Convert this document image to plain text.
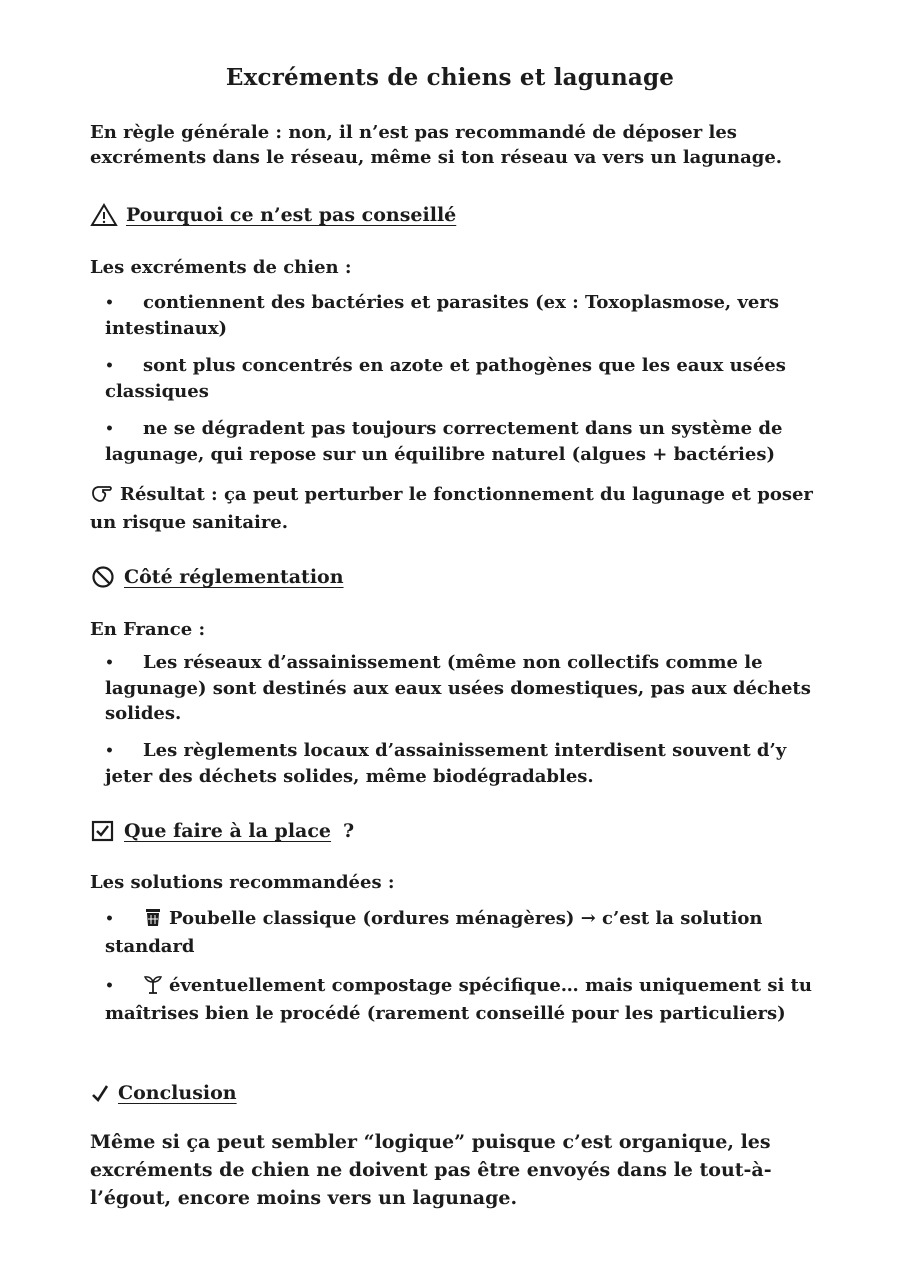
Excréments de chiens et lagunage
En règle générale : non, il n’est pas recommandé de déposer les excréments dans le réseau, même si ton réseau va vers un lagunage.
Pourquoi ce n’est pas conseillé
Les excréments de chien :
• contiennent des bactéries et parasites (ex : Toxoplasmose, vers intestinaux)
• sont plus concentrés en azote et pathogènes que les eaux usées classiques
• ne se dégradent pas toujours correctement dans un système de lagunage, qui repose sur un équilibre naturel (algues + bactéries)
Résultat : ça peut perturber le fonctionnement du lagunage et poser un risque sanitaire.
Côté réglementation
En France :
• Les réseaux d’assainissement (même non collectifs comme le lagunage) sont destinés aux eaux usées domestiques, pas aux déchets solides.
• Les règlements locaux d’assainissement interdisent souvent d’y jeter des déchets solides, même biodégradables.
Que faire à la place ?
Les solutions recommandées :
•	Poubelle classique (ordures ménagères) → c’est la solution standard
•	éventuellement compostage spécifique… mais uniquement si tu maîtrises bien le procédé (rarement conseillé pour les particuliers)
Conclusion
Même si ça peut sembler “logique” puisque c’est organique, les excréments de chien ne doivent pas être envoyés dans le tout-à-l’égout, encore moins vers un lagunage.
